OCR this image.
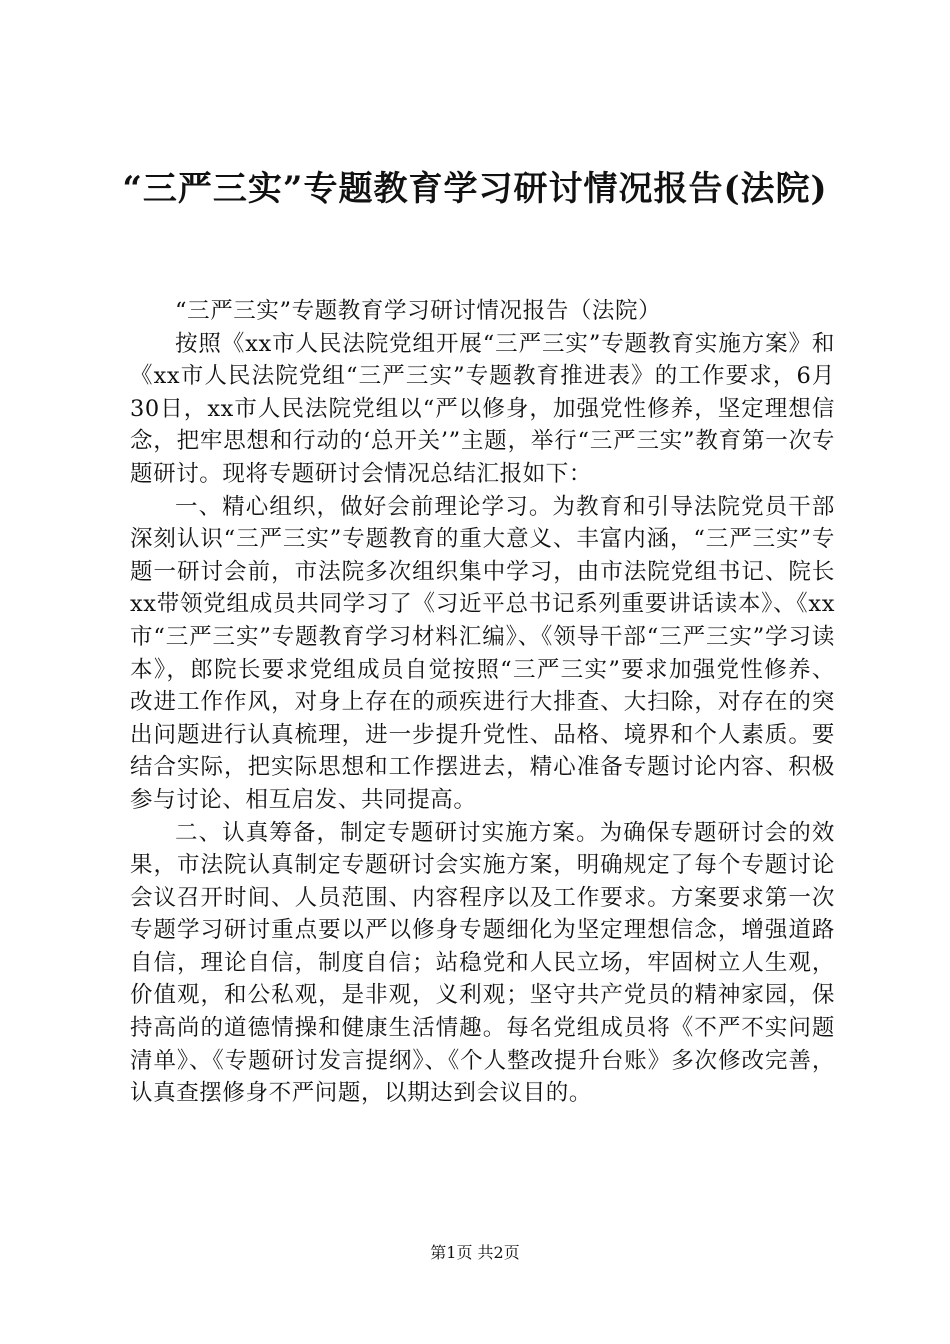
“三严三实”专题教育学习研讨情况报告(法院)

“三严三实”专题教育学习研讨情况报告（法院）

按照《xx市人民法院党组开展“三严三实”专题教育实施方案》和《xx市人民法院党组“三严三实”专题教育推进表》的工作要求，6月30日，xx市人民法院党组以“严以修身，加强党性修养，坚定理想信念，把牢思想和行动的‘总开关’”主题，举行“三严三实”教育第一次专题研讨。现将专题研讨会情况总结汇报如下：

一、精心组织，做好会前理论学习。为教育和引导法院党员干部深刻认识“三严三实”专题教育的重大意义、丰富内涵，“三严三实”专题一研讨会前，市法院多次组织集中学习，由市法院党组书记、院长xx带领党组成员共同学习了《习近平总书记系列重要讲话读本》、《xx市“三严三实”专题教育学习材料汇编》、《领导干部“三严三实”学习读本》，郎院长要求党组成员自觉按照“三严三实”要求加强党性修养、改进工作作风，对身上存在的顽疾进行大排查、大扫除，对存在的突出问题进行认真梳理，进一步提升党性、品格、境界和个人素质。要结合实际，把实际思想和工作摆进去，精心准备专题讨论内容、积极参与讨论、相互启发、共同提高。

二、认真筹备，制定专题研讨实施方案。为确保专题研讨会的效果，市法院认真制定专题研讨会实施方案，明确规定了每个专题讨论会议召开时间、人员范围、内容程序以及工作要求。方案要求第一次专题学习研讨重点要以严以修身专题细化为坚定理想信念，增强道路自信，理论自信，制度自信；站稳党和人民立场，牢固树立人生观，价值观，和公私观，是非观，义利观；坚守共产党员的精神家园，保持高尚的道德情操和健康生活情趣。每名党组成员将《不严不实问题清单》、《专题研讨发言提纲》、《个人整改提升台账》多次修改完善，认真查摆修身不严问题，以期达到会议目的。

第1页 共2页
